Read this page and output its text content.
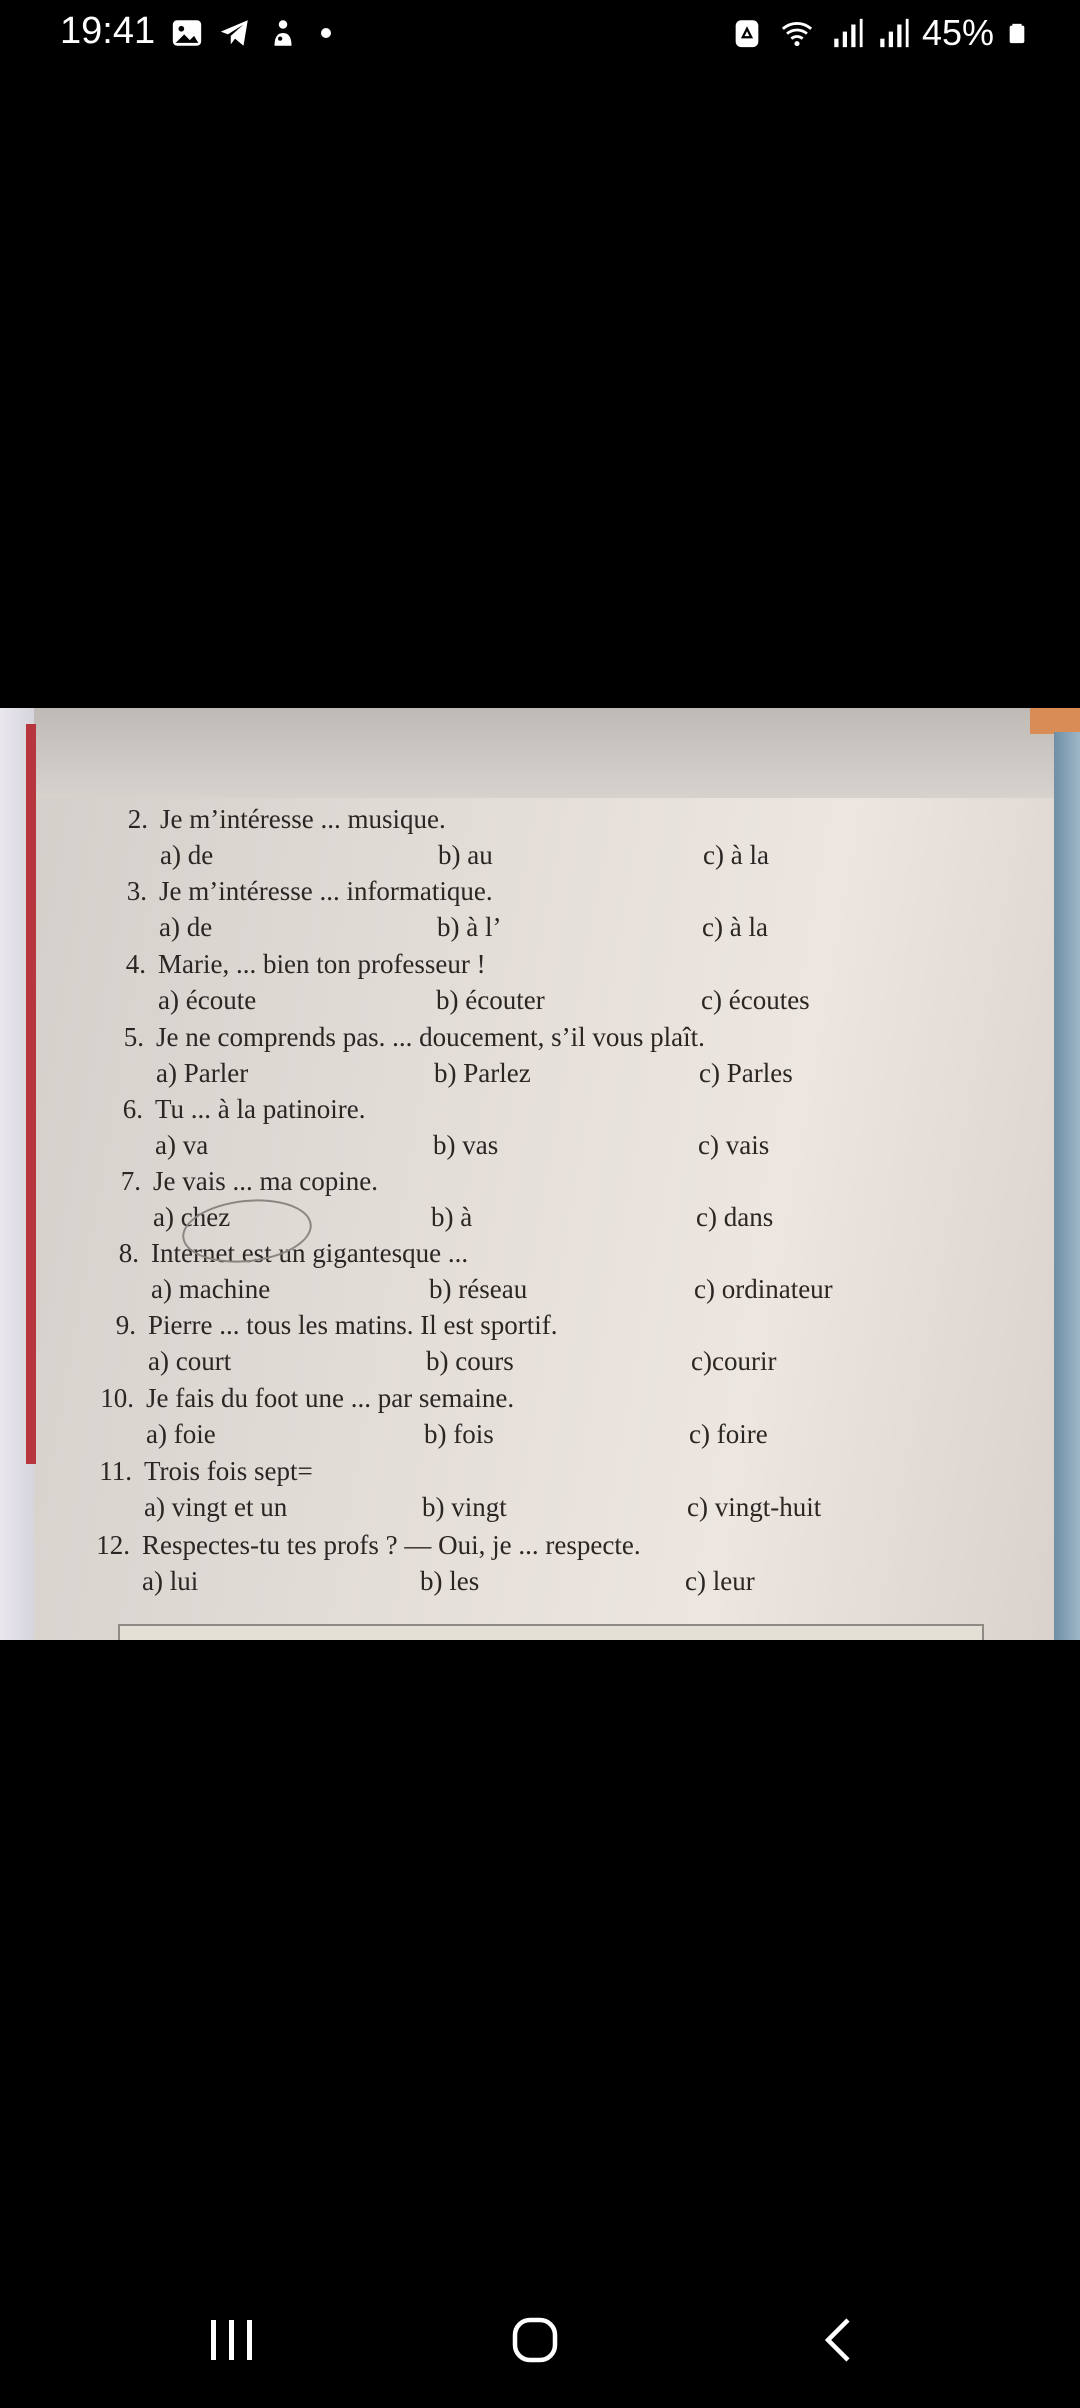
19:41	45%
2. Je m’intéresse ... musique.
a) de	b) au	c) à la
3. Je m’intéresse ... informatique.
a) de	b) à l’	c) à la
4. Marie, ... bien ton professeur !
a) écoute	b) écouter	c) écoutes
5. Je ne comprends pas. ... doucement, s’il vous plaît.
a) Parler	b) Parlez	c) Parles
6. Tu ... à la patinoire.
a) va	b) vas	c) vais
7. Je vais ... ma copine.
a) chez	b) à	c) dans
8. Internet est un gigantesque ...
a) machine	b) réseau	c) ordinateur
9. Pierre ... tous les matins. Il est sportif.
a) court	b) cours	c)courir
10. Je fais du foot une ... par semaine.
a) foie	b) fois	c) foire
11. Trois fois sept=
a) vingt et un	b) vingt	c) vingt-huit
12. Respectes-tu tes profs ? — Oui, je ... respecte.
a) lui	b) les	c) leur
